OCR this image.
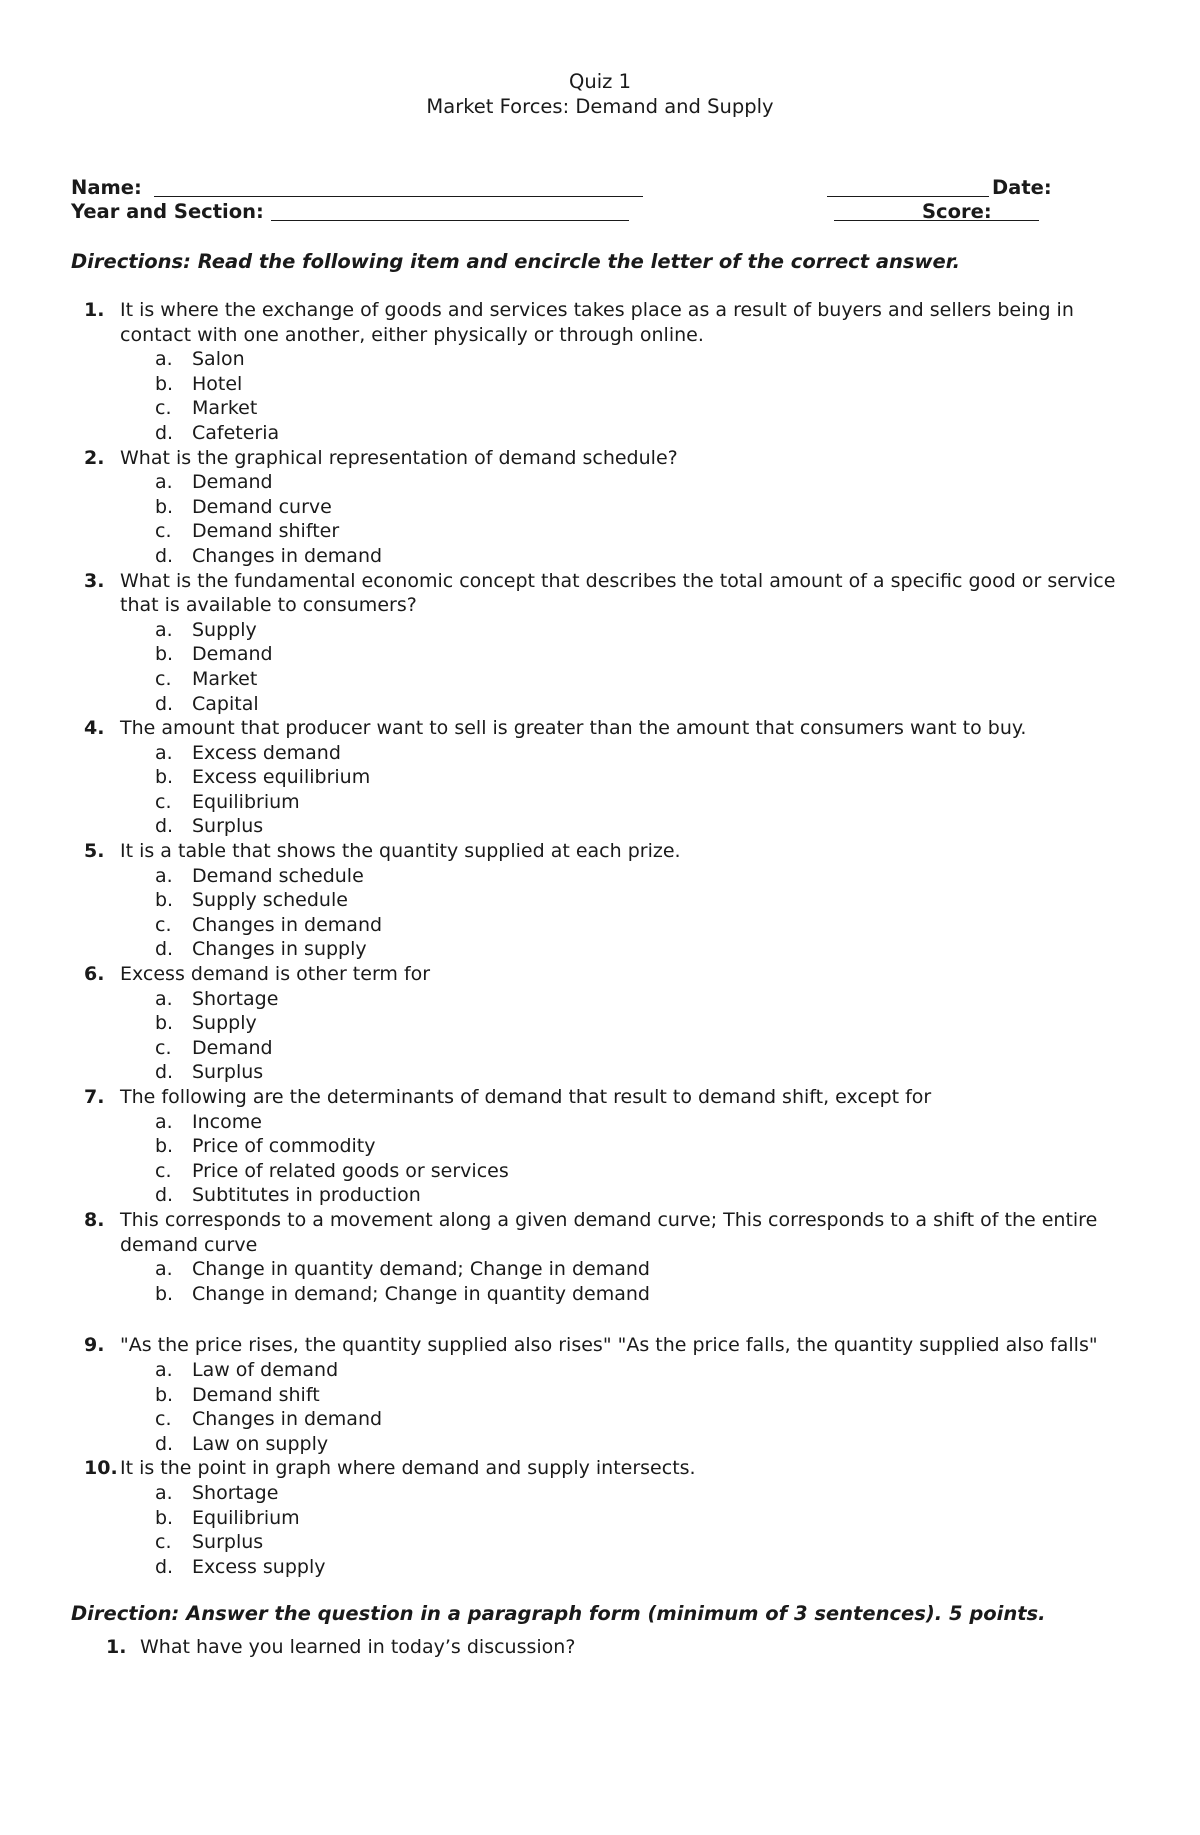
Quiz 1
Market Forces: Demand and Supply
Name:	Date:
Year and Section:	Score:
Directions: Read the following item and encircle the letter of the correct answer.
1. It is where the exchange of goods and services takes place as a result of buyers and sellers being in contact with one another, either physically or through online.
a. Salon
b. Hotel
c. Market
d. Cafeteria
2. What is the graphical representation of demand schedule?
a. Demand
b. Demand curve
c. Demand shifter
d. Changes in demand
3. What is the fundamental economic concept that describes the total amount of a specific good or service that is available to consumers?
a. Supply
b. Demand
c. Market
d. Capital
4. The amount that producer want to sell is greater than the amount that consumers want to buy.
a. Excess demand
b. Excess equilibrium
c. Equilibrium
d. Surplus
5. It is a table that shows the quantity supplied at each prize.
a. Demand schedule
b. Supply schedule
c. Changes in demand
d. Changes in supply
6. Excess demand is other term for
a. Shortage
b. Supply
c. Demand
d. Surplus
7. The following are the determinants of demand that result to demand shift, except for
a. Income
b. Price of commodity
c. Price of related goods or services
d. Subtitutes in production
8. This corresponds to a movement along a given demand curve; This corresponds to a shift of the entire demand curve
a. Change in quantity demand; Change in demand
b. Change in demand; Change in quantity demand
9. "As the price rises, the quantity supplied also rises" "As the price falls, the quantity supplied also falls"
a. Law of demand
b. Demand shift
c. Changes in demand
d. Law on supply
10. It is the point in graph where demand and supply intersects.
a. Shortage
b. Equilibrium
c. Surplus
d. Excess supply
Direction: Answer the question in a paragraph form (minimum of 3 sentences). 5 points.
1. What have you learned in today’s discussion?
